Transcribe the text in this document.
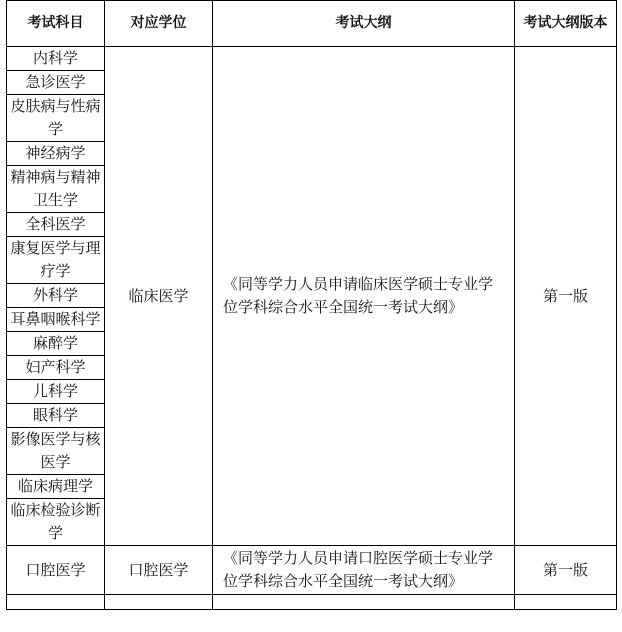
考试科目	对应学位	考试大纲	考试大纲版本
内科学	临床医学	《同等学力人员申请临床医学硕士专业学位学科综合水平全国统一考试大纲》	第一版
急诊医学			
皮肤病与性病学			
神经病学			
精神病与精神卫生学			
全科医学			
康复医学与理疗学			
外科学			
耳鼻咽喉科学			
麻醉学			
妇产科学			
儿科学			
眼科学			
影像医学与核医学			
临床病理学			
临床检验诊断学			
口腔医学	口腔医学	《同等学力人员申请口腔医学硕士专业学位学科综合水平全国统一考试大纲》	第一版
